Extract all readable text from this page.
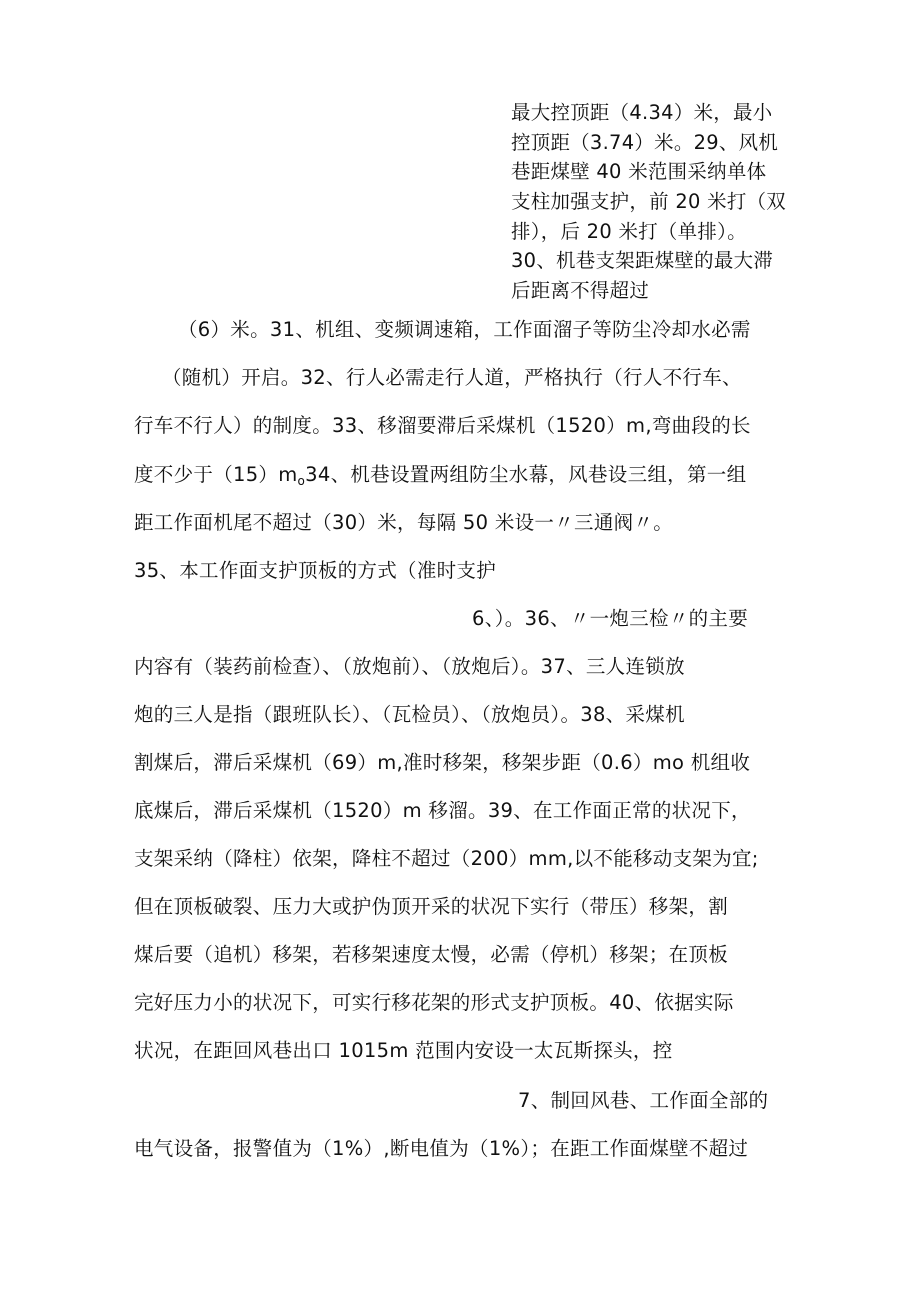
最大控顶距（4.34）米，最小
控顶距（3.74）米。29、风机
巷距煤壁 40 米范围采纳单体
支柱加强支护，前 20 米打（双
排），后 20 米打（单排）。
30、机巷支架距煤壁的最大滞
后距离不得超过
（6）米。31、机组、变频调速箱，工作面溜子等防尘冷却水必需
（随机）开启。32、行人必需走行人道，严格执行（行人不行车、
行车不行人）的制度。33、移溜要滞后采煤机（1520）m,弯曲段的长
度不少于$(15)m_o34$、机巷设置两组防尘水幕，风巷设三组，第一组
距工作面机尾不超过（30）米，每隔 50 米设一〃三通阀〃。
35、本工作面支护顶板的方式（准时支护
6、）。36、〃一炮三检〃的主要
内容有（装药前检查）、（放炮前）、（放炮后）。37、三人连锁放
炮的三人是指（跟班队长）、（瓦检员）、（放炮员）。38、采煤机
割煤后，滞后采煤机（69）m,准时移架，移架步距（0.6）mo 机组收
底煤后，滞后采煤机（1520）m 移溜。39、在工作面正常的状况下，
支架采纳（降柱）依架，降柱不超过（200）mm,以不能移动支架为宜;
但在顶板破裂、压力大或护伪顶开采的状况下实行（带压）移架，割
煤后要（追机）移架，若移架速度太慢，必需（停机）移架；在顶板
完好压力小的状况下，可实行移花架的形式支护顶板。40、依据实际
状况，在距回风巷出口 1015m 范围内安设一太瓦斯探头，控
7、制回风巷、工作面全部的
电气设备，报警值为（1%）,断电值为（1%）；在距工作面煤壁不超过
